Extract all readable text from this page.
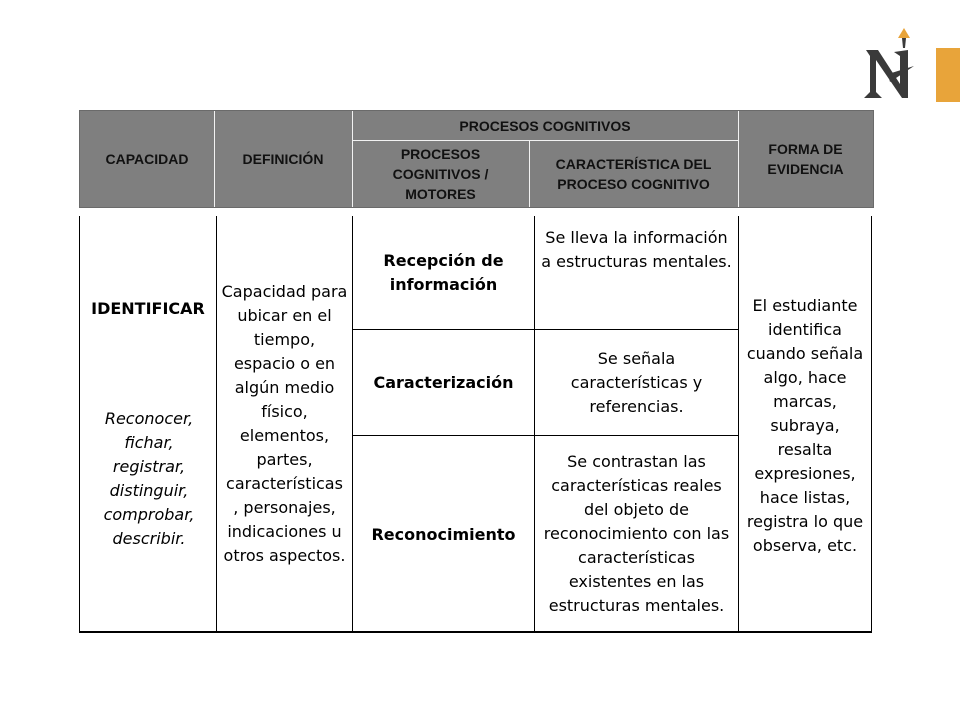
CAPACIDAD	DEFINICIÓN
PROCESOS COGNITIVOS
PROCESOS COGNITIVOS / MOTORES
CARACTERÍSTICA DEL PROCESO COGNITIVO
FORMA DE EVIDENCIA
IDENTIFICAR
Reconocer, fichar, registrar, distinguir, comprobar, describir.
Capacidad para ubicar en el tiempo, espacio o en algún medio físico, elementos, partes, características , personajes, indicaciones u otros aspectos.
Recepción de información
Se lleva la información a estructuras mentales.
Caracterización
Se señala características y referencias.
Reconocimiento
Se contrastan las características reales del objeto de reconocimiento con las características existentes en las estructuras mentales.
El estudiante identifica cuando señala algo, hace marcas, subraya, resalta expresiones, hace listas, registra lo que observa, etc.
